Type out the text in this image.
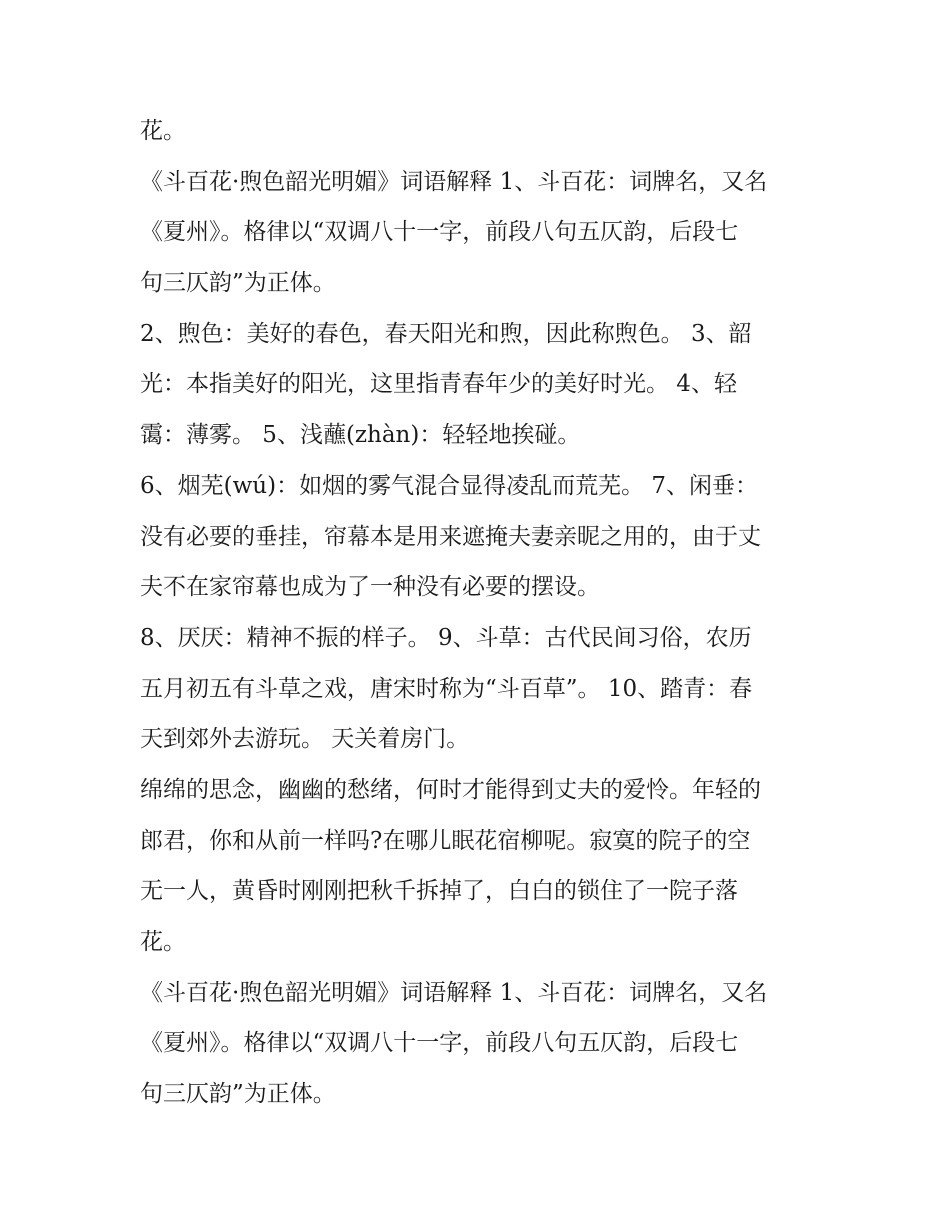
花。
《斗百花·煦色韶光明媚》词语解释 1、斗百花：词牌名，又名
《夏州》。格律以“双调八十一字，前段八句五仄韵，后段七
句三仄韵”为正体。
2、煦色：美好的春色，春天阳光和煦，因此称煦色。 3、韶
光：本指美好的阳光，这里指青春年少的美好时光。 4、轻
霭：薄雾。 5、浅蘸(zhàn)：轻轻地挨碰。
6、烟芜(wú)：如烟的雾气混合显得凌乱而荒芜。 7、闲垂：
没有必要的垂挂，帘幕本是用来遮掩夫妻亲昵之用的，由于丈
夫不在家帘幕也成为了一种没有必要的摆设。
8、厌厌：精神不振的样子。 9、斗草：古代民间习俗，农历
五月初五有斗草之戏，唐宋时称为“斗百草”。 10、踏青：春
天到郊外去游玩。 天关着房门。
绵绵的思念，幽幽的愁绪，何时才能得到丈夫的爱怜。年轻的
郎君，你和从前一样吗?在哪儿眠花宿柳呢。寂寞的院子的空
无一人，黄昏时刚刚把秋千拆掉了，白白的锁住了一院子落
花。
《斗百花·煦色韶光明媚》词语解释 1、斗百花：词牌名，又名
《夏州》。格律以“双调八十一字，前段八句五仄韵，后段七
句三仄韵”为正体。
